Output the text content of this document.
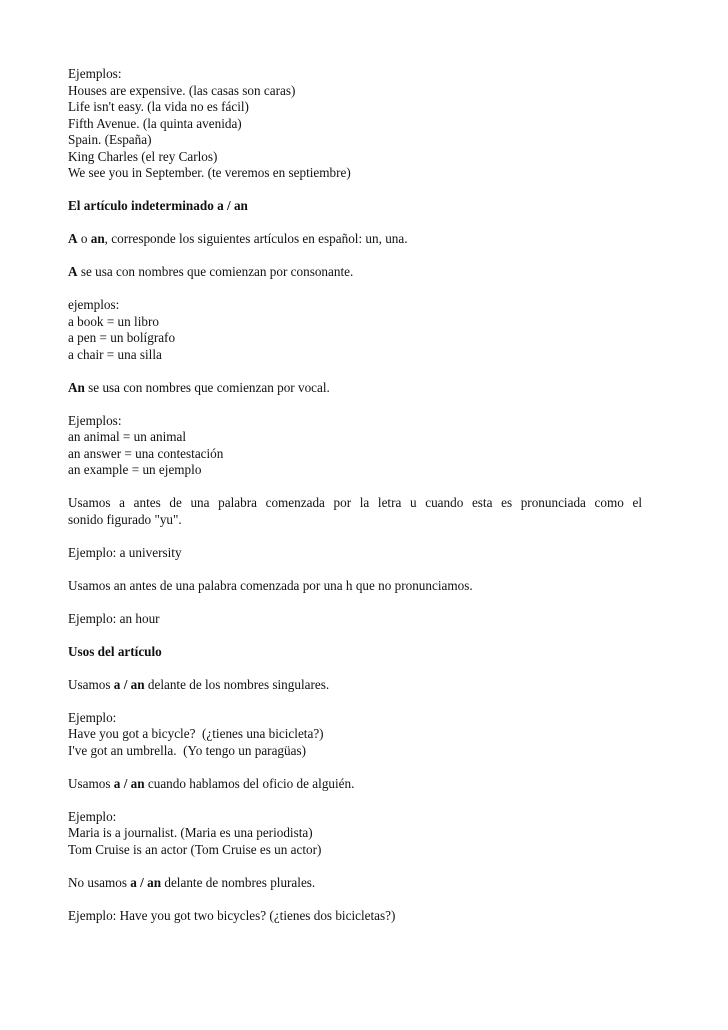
Ejemplos:
Houses are expensive. (las casas son caras)
Life isn't easy. (la vida no es fácil)
Fifth Avenue. (la quinta avenida)
Spain. (España)
King Charles (el rey Carlos)
We see you in September. (te veremos en septiembre)
El artículo indeterminado a / an
A o an, corresponde los siguientes artículos en español: un, una.
A se usa con nombres que comienzan por consonante.
ejemplos:
a book = un libro
a pen = un bolígrafo
a chair = una silla
An se usa con nombres que comienzan por vocal.
Ejemplos:
an animal = un animal
an answer = una contestación
an example = un ejemplo
Usamos a antes de una palabra comenzada por la letra u cuando esta es pronunciada como el
sonido figurado "yu".
Ejemplo: a university
Usamos an antes de una palabra comenzada por una h que no pronunciamos.
Ejemplo: an hour
Usos del artículo
Usamos a / an delante de los nombres singulares.
Ejemplo:
Have you got a bicycle?  (¿tienes una bicicleta?)
I've got an umbrella.  (Yo tengo un paragüas)
Usamos a / an cuando hablamos del oficio de alguién.
Ejemplo:
Maria is a journalist. (Maria es una periodista)
Tom Cruise is an actor (Tom Cruise es un actor)
No usamos a / an delante de nombres plurales.
Ejemplo: Have you got two bicycles? (¿tienes dos bicicletas?)
